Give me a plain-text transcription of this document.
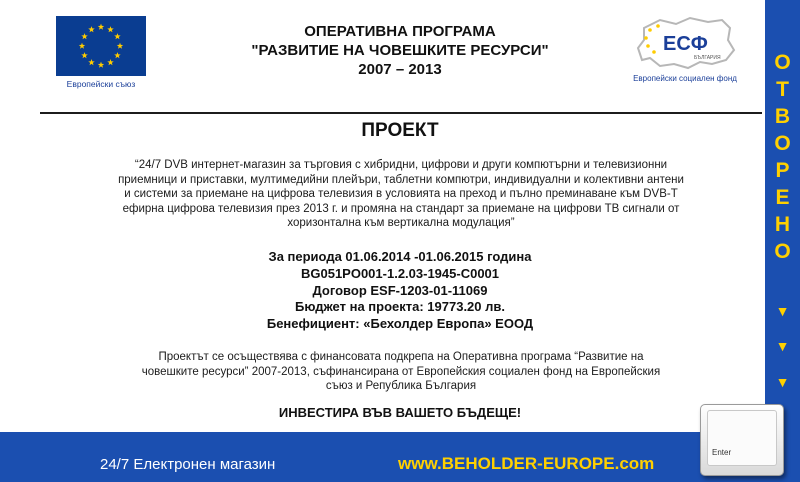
Европейски съюз
ОПЕРАТИВНА ПРОГРАМА
"РАЗВИТИЕ НА ЧОВЕШКИТЕ РЕСУРСИ"
2007 – 2013
ЕСФ
БЪЛГАРИЯ
Европейски социален фонд
ПРОЕКТ
“24/7 DVB интернет-магазин за търговия с хибридни, цифрови и други компютърни и телевизионни приемници и приставки, мултимедийни плейъри, таблетни компютри, индивидуални и колективни антени и системи за приемане на цифрова телевизия в условията на преход и пълно преминаване към DVB-T ефирна цифрова телевизия през 2013 г. и промяна на стандарт за приемане на цифрови ТВ сигнали от хоризонтална към вертикална модулация”
За периода 01.06.2014 -01.06.2015 година
BG051PO001-1.2.03-1945-C0001
Договор ESF-1203-01-11069
Бюджет на проекта: 19773.20 лв.
Бенефициент: «Бехолдер Европа» ЕООД
Проектът се осъществява с финансовата подкрепа на Оперативна програма “Развитие на човешките ресурси” 2007-2013, съфинансирана от Европейския социален фонд на Европейския съюз и Република България
ИНВЕСТИРА ВЪВ ВАШЕТО БЪДЕЩЕ!
О
Т
В
О
Р
Е
Н
О
▼
▼
▼
24/7 Електронен магазин	www.BEHOLDER-EUROPE.com
Enter
